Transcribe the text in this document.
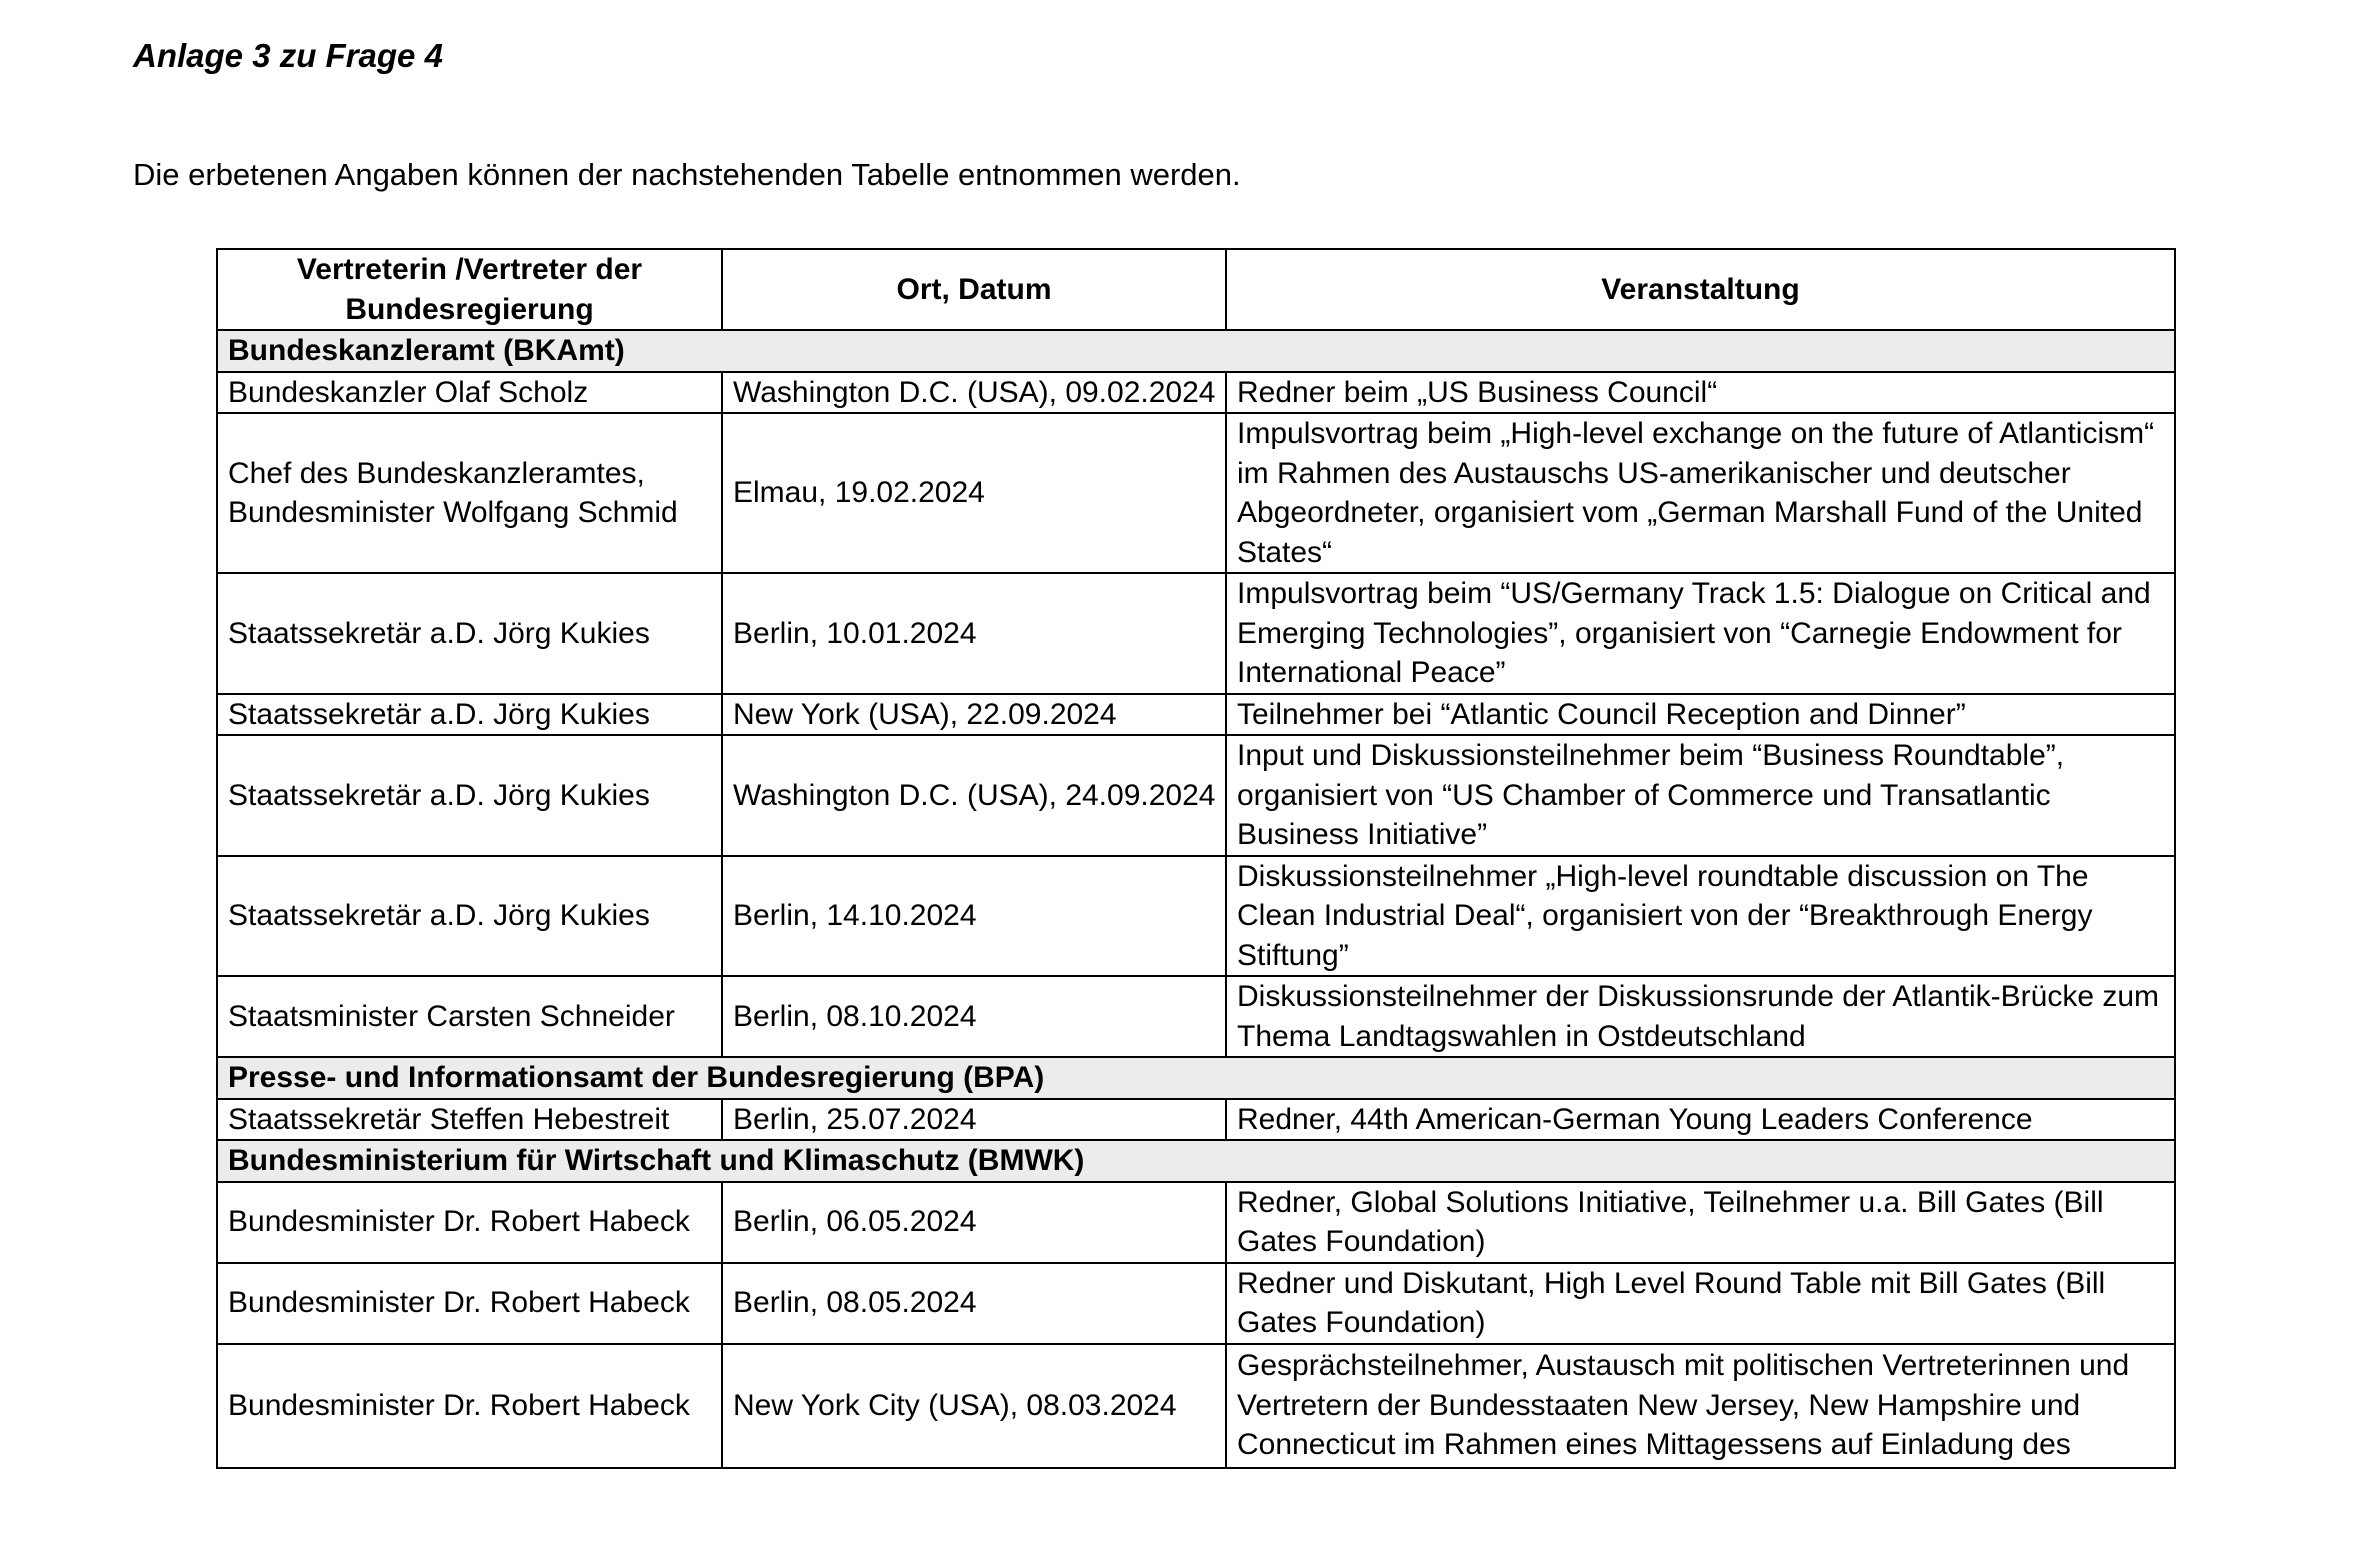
Anlage 3 zu Frage 4

Die erbetenen Angaben können der nachstehenden Tabelle entnommen werden.

Vertreterin /Vertreter der Bundesregierung	Ort, Datum	Veranstaltung
Bundeskanzleramt (BKAmt)		
Bundeskanzler Olaf Scholz	Washington D.C. (USA), 09.02.2024	Redner beim „US Business Council“
Chef des Bundeskanzleramtes, Bundesminister Wolfgang Schmid	Elmau, 19.02.2024	Impulsvortrag beim „High-level exchange on the future of Atlanticism“ im Rahmen des Austauschs US-amerikanischer und deutscher Abgeordneter, organisiert vom „German Marshall Fund of the United States“
Staatssekretär a.D. Jörg Kukies	Berlin, 10.01.2024	Impulsvortrag beim “US/Germany Track 1.5: Dialogue on Critical and Emerging Technologies”, organisiert von “Carnegie Endowment for International Peace”
Staatssekretär a.D. Jörg Kukies	New York (USA), 22.09.2024	Teilnehmer bei “Atlantic Council Reception and Dinner”
Staatssekretär a.D. Jörg Kukies	Washington D.C. (USA), 24.09.2024	Input und Diskussionsteilnehmer beim “Business Roundtable”, organisiert von “US Chamber of Commerce und Transatlantic Business Initiative”
Staatssekretär a.D. Jörg Kukies	Berlin, 14.10.2024	Diskussionsteilnehmer „High-level roundtable discussion on The Clean Industrial Deal“, organisiert von der “Breakthrough Energy Stiftung”
Staatsminister Carsten Schneider	Berlin, 08.10.2024	Diskussionsteilnehmer der Diskussionsrunde der Atlantik-Brücke zum Thema Landtagswahlen in Ostdeutschland
Presse- und Informationsamt der Bundesregierung (BPA)		
Staatssekretär Steffen Hebestreit	Berlin, 25.07.2024	Redner, 44th American-German Young Leaders Conference
Bundesministerium für Wirtschaft und Klimaschutz (BMWK)		
Bundesminister Dr. Robert Habeck	Berlin, 06.05.2024	Redner, Global Solutions Initiative, Teilnehmer u.a. Bill Gates (Bill Gates Foundation)
Bundesminister Dr. Robert Habeck	Berlin, 08.05.2024	Redner und Diskutant, High Level Round Table mit Bill Gates (Bill Gates Foundation)
Bundesminister Dr. Robert Habeck	New York City (USA), 08.03.2024	Gesprächsteilnehmer, Austausch mit politischen Vertreterinnen und Vertretern der Bundesstaaten New Jersey, New Hampshire und Connecticut im Rahmen eines Mittagessens auf Einladung des
